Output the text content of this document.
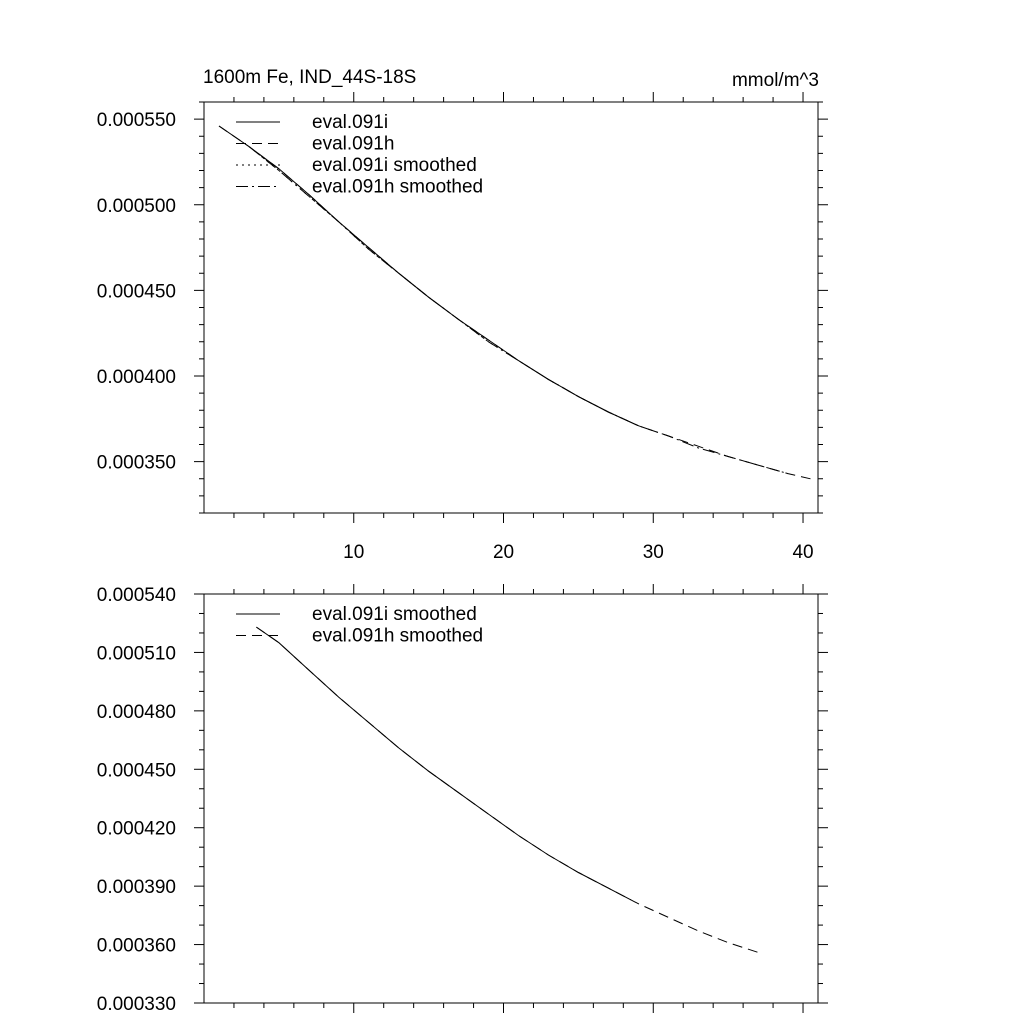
1600m Fe, IND_44S-18S	mmol/m^3
10	20	30	40
0.000350
0.000400
0.000450
0.000500
0.000550	eval.091i
eval.091h
eval.091i smoothed
eval.091h smoothed
0.000330
0.000360
0.000390
0.000420
0.000450
0.000480
0.000510
0.000540
eval.091i smoothed
eval.091h smoothed
